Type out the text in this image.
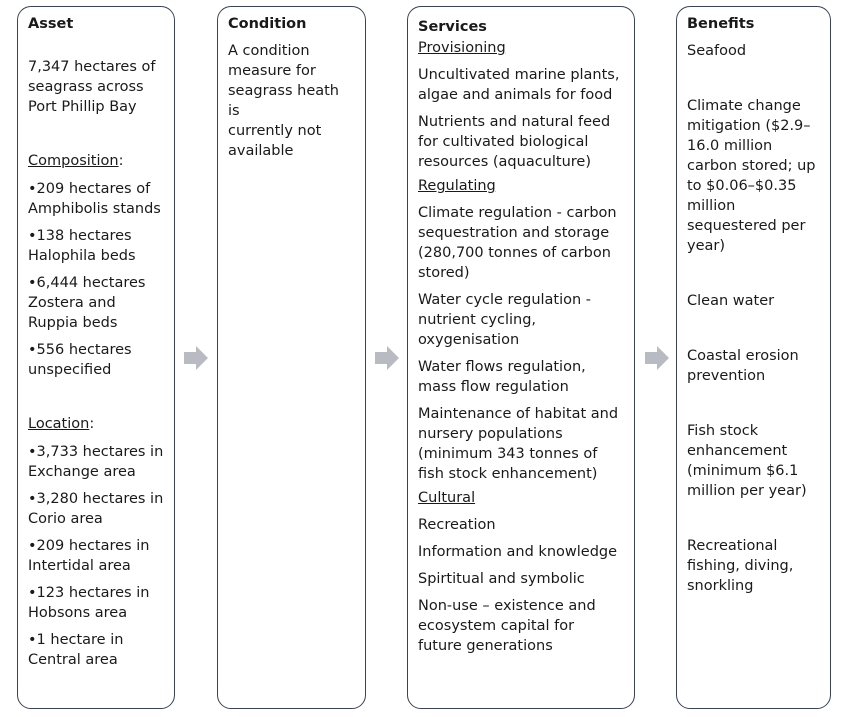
Asset
7,347 hectares of
seagrass across
Port Phillip Bay
Composition:
•209 hectares of
Amphibolis stands
•138 hectares
Halophila beds
•6,444 hectares
Zostera and
Ruppia beds
•556 hectares
unspecified
Location:
•3,733 hectares in
Exchange area
•3,280 hectares in
Corio area
•209 hectares in
Intertidal area
•123 hectares in
Hobsons area
•1 hectare in
Central area
Condition
A condition
measure for
seagrass heath is
currently not
available
Services
Provisioning
Uncultivated marine plants,
algae and animals for food
Nutrients and natural feed
for cultivated biological
resources (aquaculture)
Regulating
Climate regulation - carbon
sequestration and storage
(280,700 tonnes of carbon
stored)
Water cycle regulation -
nutrient cycling,
oxygenisation
Water flows regulation,
mass flow regulation
Maintenance of habitat and
nursery populations
(minimum 343 tonnes of
fish stock enhancement)
Cultural
Recreation
Information and knowledge
Spirtitual and symbolic
Non-use – existence and
ecosystem capital for
future generations
Benefits
Seafood
Climate change
mitigation ($2.9–
16.0 million
carbon stored; up
to $0.06–$0.35
million
sequestered per
year)
Clean water
Coastal erosion
prevention
Fish stock
enhancement
(minimum $6.1
million per year)
Recreational
fishing, diving,
snorkling
